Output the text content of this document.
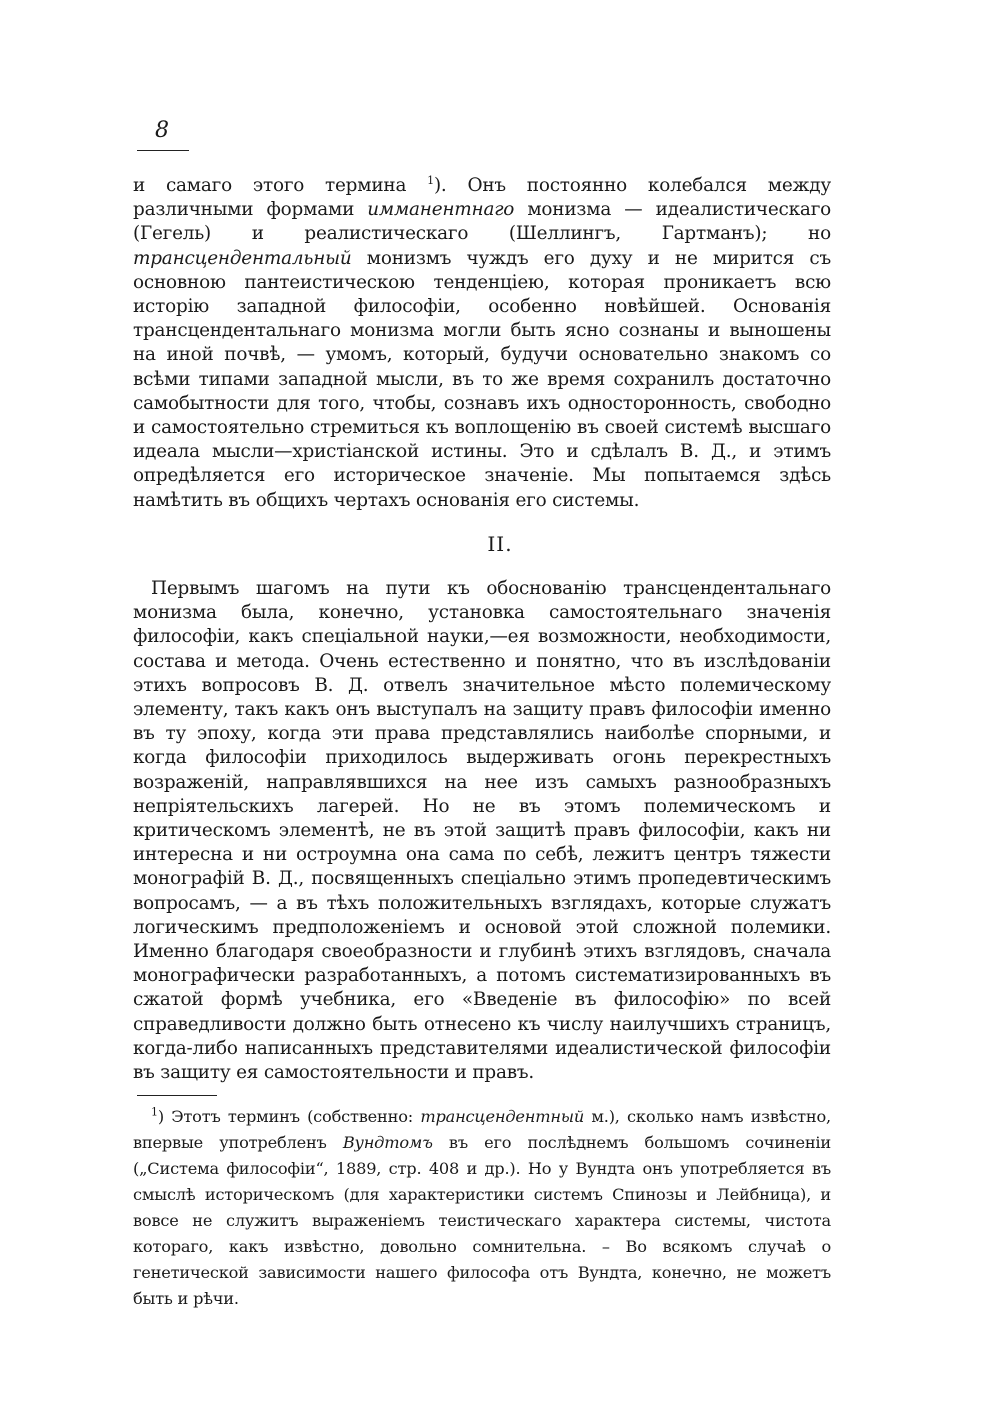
8

и самаго этого термина $^1$). Онъ постоянно колебался между различными формами имманентнаго монизма — идеалистическаго (Гегель) и реалистическаго (Шеллингъ, Гартманъ); но трансцендентальный монизмъ чуждъ его духу и не мирится съ основною пантеистическою тенденціею, которая проникаетъ всю исторію западной философіи, особенно новѣйшей. Основанія трансцендентальнаго монизма могли быть ясно сознаны и выношены на иной почвѣ, — умомъ, который, будучи основательно знакомъ со всѣми типами западной мысли, въ то же время сохранилъ достаточно самобытности для того, чтобы, сознавъ ихъ односторонность, свободно и самостоятельно стремиться къ воплощенію въ своей системѣ высшаго идеала мысли—христіанской истины. Это и сдѣлалъ В. Д., и этимъ опредѣляется его историческое значеніе. Мы попытаемся здѣсь намѣтить въ общихъ чертахъ основанія его системы.

II.

Первымъ шагомъ на пути къ обоснованію трансцендентальнаго монизма была, конечно, установка самостоятельнаго значенія философіи, какъ спеціальной науки,—ея возможности, необходимости, состава и метода. Очень естественно и понятно, что въ изслѣдованіи этихъ вопросовъ В. Д. отвелъ значительное мѣсто полемическому элементу, такъ какъ онъ выступалъ на защиту правъ философіи именно въ ту эпоху, когда эти права представлялись наиболѣе спорными, и когда философіи приходилось выдерживать огонь перекрестныхъ возраженій, направлявшихся на нее изъ самыхъ разнообразныхъ непріятельскихъ лагерей. Но не въ этомъ полемическомъ и критическомъ элементѣ, не въ этой защитѣ правъ философіи, какъ ни интересна и ни остроумна она сама по себѣ, лежитъ центръ тяжести монографій В. Д., посвященныхъ спеціально этимъ пропедевтическимъ вопросамъ, — а въ тѣхъ положительныхъ взглядахъ, которые служатъ логическимъ предположеніемъ и основой этой сложной полемики. Именно благодаря своеобразности и глубинѣ этихъ взглядовъ, сначала монографически разработанныхъ, а потомъ систематизированныхъ въ сжатой формѣ учебника, его «Введеніе въ философію» по всей справедливости должно быть отнесено къ числу наилучшихъ страницъ, когда-либо написанныхъ представителями идеалистической философіи въ защиту ея самостоятельности и правъ.

$^1$) Этотъ терминъ (собственно: трансцендентный м.), сколько намъ извѣстно, впервые употребленъ Вундтомъ въ его послѣднемъ большомъ сочиненіи („Система философіи“, 1889, стр. 408 и др.). Но у Вундта онъ употребляется въ смыслѣ историческомъ (для характеристики системъ Спинозы и Лейбница), и вовсе не служитъ выраженіемъ теистическаго характера системы, чистота котораго, какъ извѣстно, довольно сомнительна. – Во всякомъ случаѣ о генетической зависимости нашего философа отъ Вундта, конечно, не можетъ быть и рѣчи.
